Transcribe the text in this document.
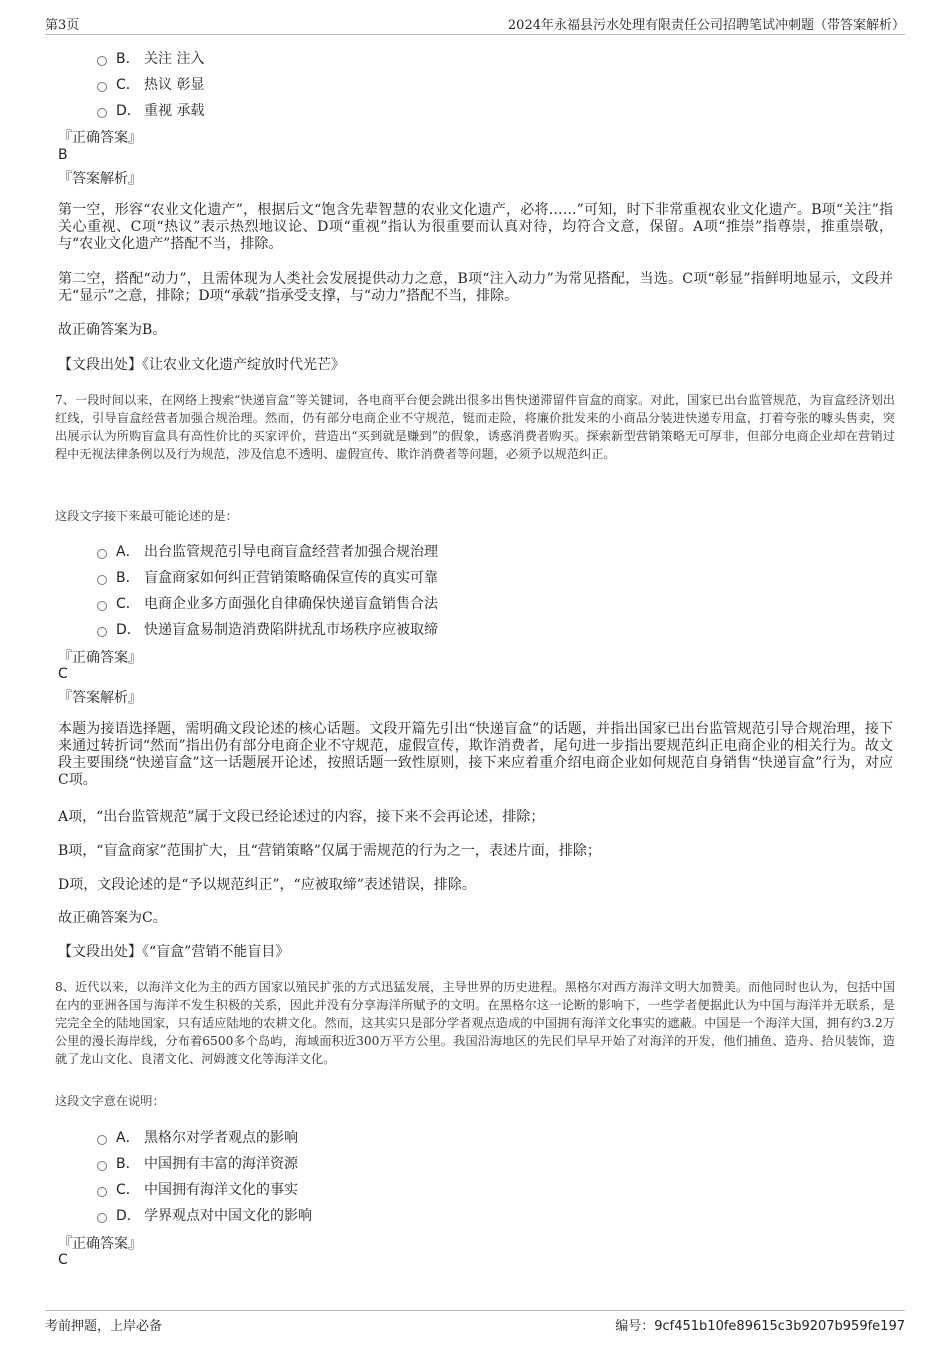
第3页	2024年永福县污水处理有限责任公司招聘笔试冲刺题（带答案解析）
B． 关注 注入
C． 热议 彰显
D． 重视 承载
『正确答案』
B
『答案解析』
第一空，形容“农业文化遗产”，根据后文“饱含先辈智慧的农业文化遗产，必将……”可知，时下非常重视农业文化遗产。B项“关注”指关心重视、C项“热议”表示热烈地议论、D项“重视”指认为很重要而认真对待，均符合文意，保留。A项“推崇”指尊崇，推重崇敬，与“农业文化遗产”搭配不当，排除。
第二空，搭配“动力”，且需体现为人类社会发展提供动力之意，B项“注入动力”为常见搭配，当选。C项“彰显”指鲜明地显示，文段并无“显示”之意，排除；D项“承载”指承受支撑，与“动力”搭配不当，排除。
故正确答案为B。
【文段出处】《让农业文化遗产绽放时代光芒》
7、一段时间以来，在网络上搜索“快递盲盒”等关键词，各电商平台便会跳出很多出售快递滞留件盲盒的商家。对此，国家已出台监管规范，为盲盒经济划出红线，引导盲盒经营者加强合规治理。然而，仍有部分电商企业不守规范，铤而走险，将廉价批发来的小商品分装进快递专用盒，打着夸张的噱头售卖，突出展示认为所购盲盒具有高性价比的买家评价，营造出“买到就是赚到”的假象，诱惑消费者购买。探索新型营销策略无可厚非，但部分电商企业却在营销过程中无视法律条例以及行为规范，涉及信息不透明、虚假宣传、欺诈消费者等问题，必须予以规范纠正。
这段文字接下来最可能论述的是：
A． 出台监管规范引导电商盲盒经营者加强合规治理
B． 盲盒商家如何纠正营销策略确保宣传的真实可靠
C． 电商企业多方面强化自律确保快递盲盒销售合法
D． 快递盲盒易制造消费陷阱扰乱市场秩序应被取缔
『正确答案』
C
『答案解析』
本题为接语选择题，需明确文段论述的核心话题。文段开篇先引出“快递盲盒”的话题，并指出国家已出台监管规范引导合规治理，接下来通过转折词“然而”指出仍有部分电商企业不守规范，虚假宣传，欺诈消费者，尾句进一步指出要规范纠正电商企业的相关行为。故文段主要围绕“快递盲盒”这一话题展开论述，按照话题一致性原则，接下来应着重介绍电商企业如何规范自身销售“快递盲盒”行为，对应C项。
A项，“出台监管规范”属于文段已经论述过的内容，接下来不会再论述，排除；
B项，“盲盒商家”范围扩大，且“营销策略”仅属于需规范的行为之一，表述片面，排除；
D项，文段论述的是“予以规范纠正”，“应被取缔”表述错误，排除。
故正确答案为C。
【文段出处】《“盲盒”营销不能盲目》
8、近代以来，以海洋文化为主的西方国家以殖民扩张的方式迅猛发展，主导世界的历史进程。黑格尔对西方海洋文明大加赞美。而他同时也认为，包括中国在内的亚洲各国与海洋不发生积极的关系，因此并没有分享海洋所赋予的文明。在黑格尔这一论断的影响下，一些学者便据此认为中国与海洋并无联系，是完完全全的陆地国家，只有适应陆地的农耕文化。然而，这其实只是部分学者观点造成的中国拥有海洋文化事实的遮蔽。中国是一个海洋大国，拥有约3.2万公里的漫长海岸线，分布着6500多个岛屿，海域面积近300万平方公里。我国沿海地区的先民们早早开始了对海洋的开发，他们捕鱼、造舟、拾贝装饰，造就了龙山文化、良渚文化、河姆渡文化等海洋文化。
这段文字意在说明：
A． 黑格尔对学者观点的影响
B． 中国拥有丰富的海洋资源
C． 中国拥有海洋文化的事实
D． 学界观点对中国文化的影响
『正确答案』
C
考前押题，上岸必备	编号：9cf451b10fe89615c3b9207b959fe197
